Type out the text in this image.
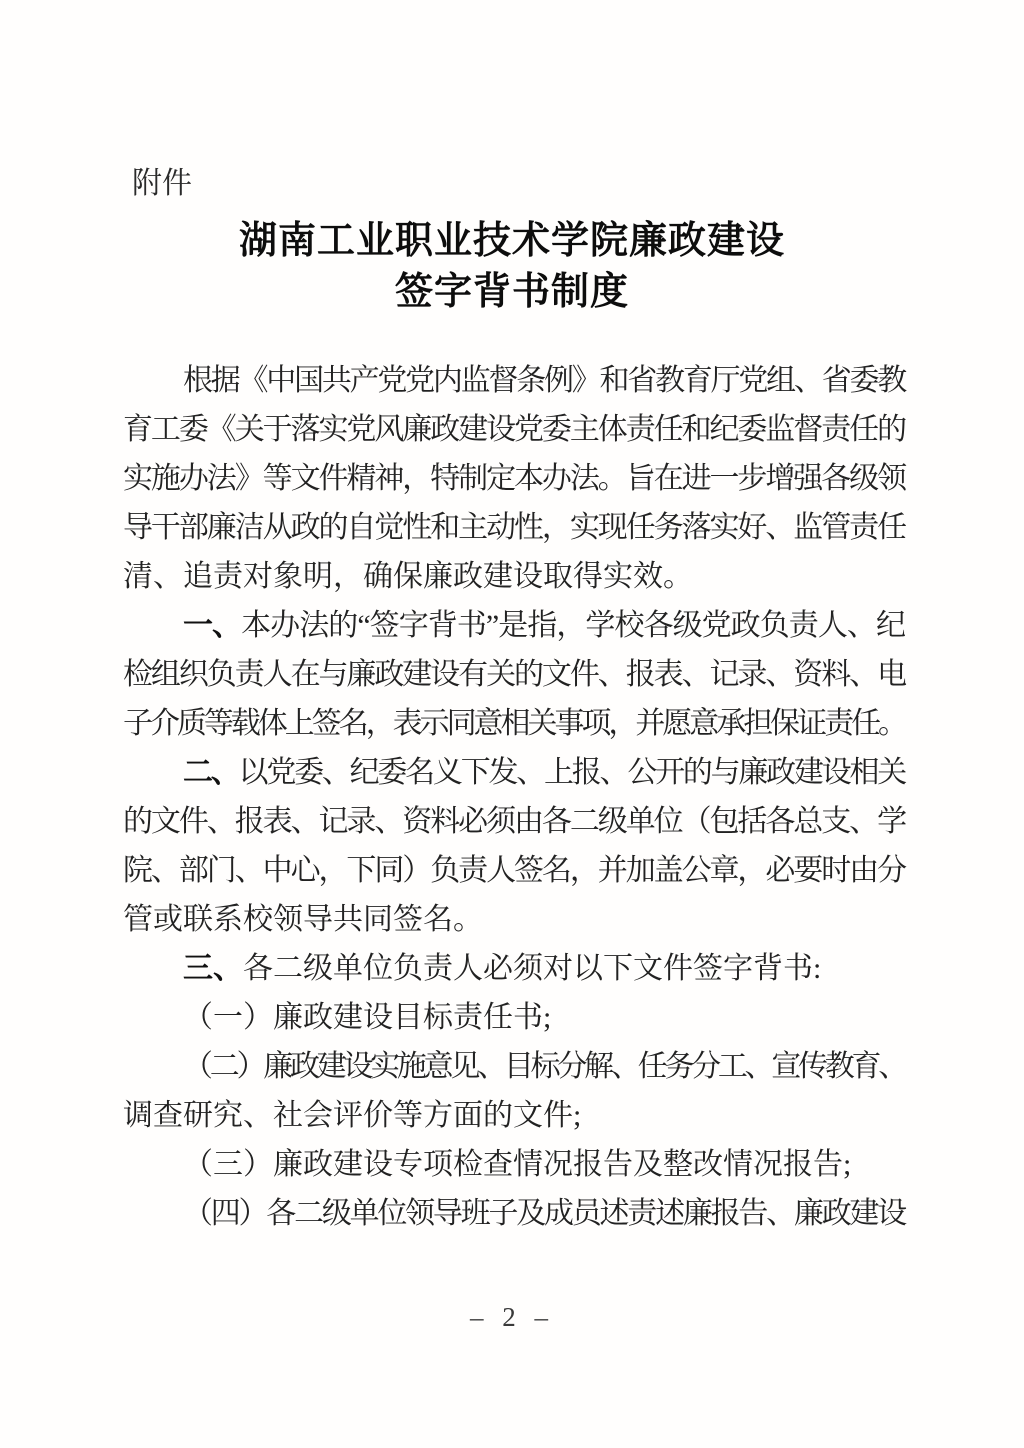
附件
湖南工业职业技术学院廉政建设
签字背书制度
根据《中国共产党党内监督条例》和省教育厅党组、省委教
育工委《关于落实党风廉政建设党委主体责任和纪委监督责任的
实施办法》等文件精神，特制定本办法。旨在进一步增强各级领
导干部廉洁从政的自觉性和主动性，实现任务落实好、监管责任
清、追责对象明，确保廉政建设取得实效。
一、本办法的“签字背书”是指，学校各级党政负责人、纪
检组织负责人在与廉政建设有关的文件、报表、记录、资料、电
子介质等载体上签名，表示同意相关事项，并愿意承担保证责任。
二、以党委、纪委名义下发、上报、公开的与廉政建设相关
的文件、报表、记录、资料必须由各二级单位（包括各总支、学
院、部门、中心，下同）负责人签名，并加盖公章，必要时由分
管或联系校领导共同签名。
三、各二级单位负责人必须对以下文件签字背书:
（一）廉政建设目标责任书;
（二）廉政建设实施意见、目标分解、任务分工、宣传教育、
调查研究、社会评价等方面的文件;
（三）廉政建设专项检查情况报告及整改情况报告;
（四）各二级单位领导班子及成员述责述廉报告、廉政建设
– 2 –
